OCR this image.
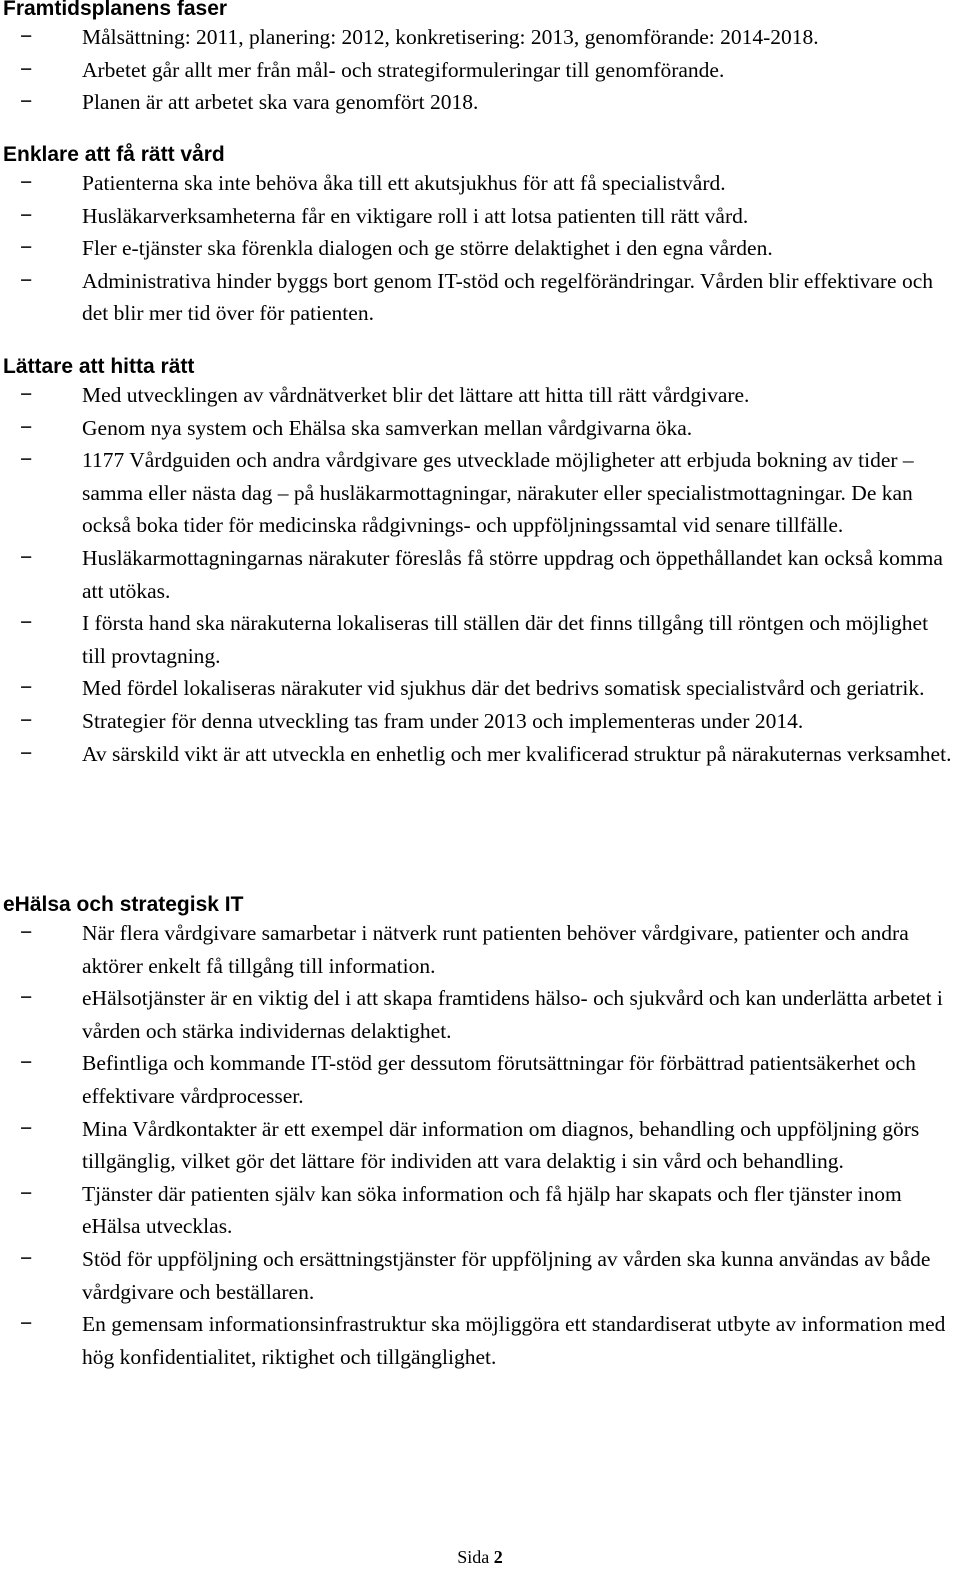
Framtidsplanens faser
− Målsättning: 2011, planering: 2012, konkretisering: 2013, genomförande: 2014-2018.
− Arbetet går allt mer från mål- och strategiformuleringar till genomförande.
− Planen är att arbetet ska vara genomfört 2018.
Enklare att få rätt vård
− Patienterna ska inte behöva åka till ett akutsjukhus för att få specialistvård.
− Husläkarverksamheterna får en viktigare roll i att lotsa patienten till rätt vård.
− Fler e-tjänster ska förenkla dialogen och ge större delaktighet i den egna vården.
− Administrativa hinder byggs bort genom IT-stöd och regelförändringar. Vården blir effektivare och det blir mer tid över för patienten.
Lättare att hitta rätt
− Med utvecklingen av vårdnätverket blir det lättare att hitta till rätt vårdgivare.
− Genom nya system och Ehälsa ska samverkan mellan vårdgivarna öka.
− 1177 Vårdguiden och andra vårdgivare ges utvecklade möjligheter att erbjuda bokning av tider – samma eller nästa dag – på husläkarmottagningar, närakuter eller specialistmottagningar. De kan också boka tider för medicinska rådgivnings- och uppföljningssamtal vid senare tillfälle.
− Husläkarmottagningarnas närakuter föreslås få större uppdrag och öppethållandet kan också komma att utökas.
− I första hand ska närakuterna lokaliseras till ställen där det finns tillgång till röntgen och möjlighet till provtagning.
− Med fördel lokaliseras närakuter vid sjukhus där det bedrivs somatisk specialistvård och geriatrik.
− Strategier för denna utveckling tas fram under 2013 och implementeras under 2014.
− Av särskild vikt är att utveckla en enhetlig och mer kvalificerad struktur på närakuternas verksamhet.
eHälsa och strategisk IT
− När flera vårdgivare samarbetar i nätverk runt patienten behöver vårdgivare, patienter och andra aktörer enkelt få tillgång till information.
− eHälsotjänster är en viktig del i att skapa framtidens hälso- och sjukvård och kan underlätta arbetet i vården och stärka individernas delaktighet.
− Befintliga och kommande IT-stöd ger dessutom förutsättningar för förbättrad patientsäkerhet och effektivare vårdprocesser.
− Mina Vårdkontakter är ett exempel där information om diagnos, behandling och uppföljning görs tillgänglig, vilket gör det lättare för individen att vara delaktig i sin vård och behandling.
− Tjänster där patienten själv kan söka information och få hjälp har skapats och fler tjänster inom eHälsa utvecklas.
− Stöd för uppföljning och ersättningstjänster för uppföljning av vården ska kunna användas av både vårdgivare och beställaren.
− En gemensam informationsinfrastruktur ska möjliggöra ett standardiserat utbyte av information med hög konfidentialitet, riktighet och tillgänglighet.
Sida 2
